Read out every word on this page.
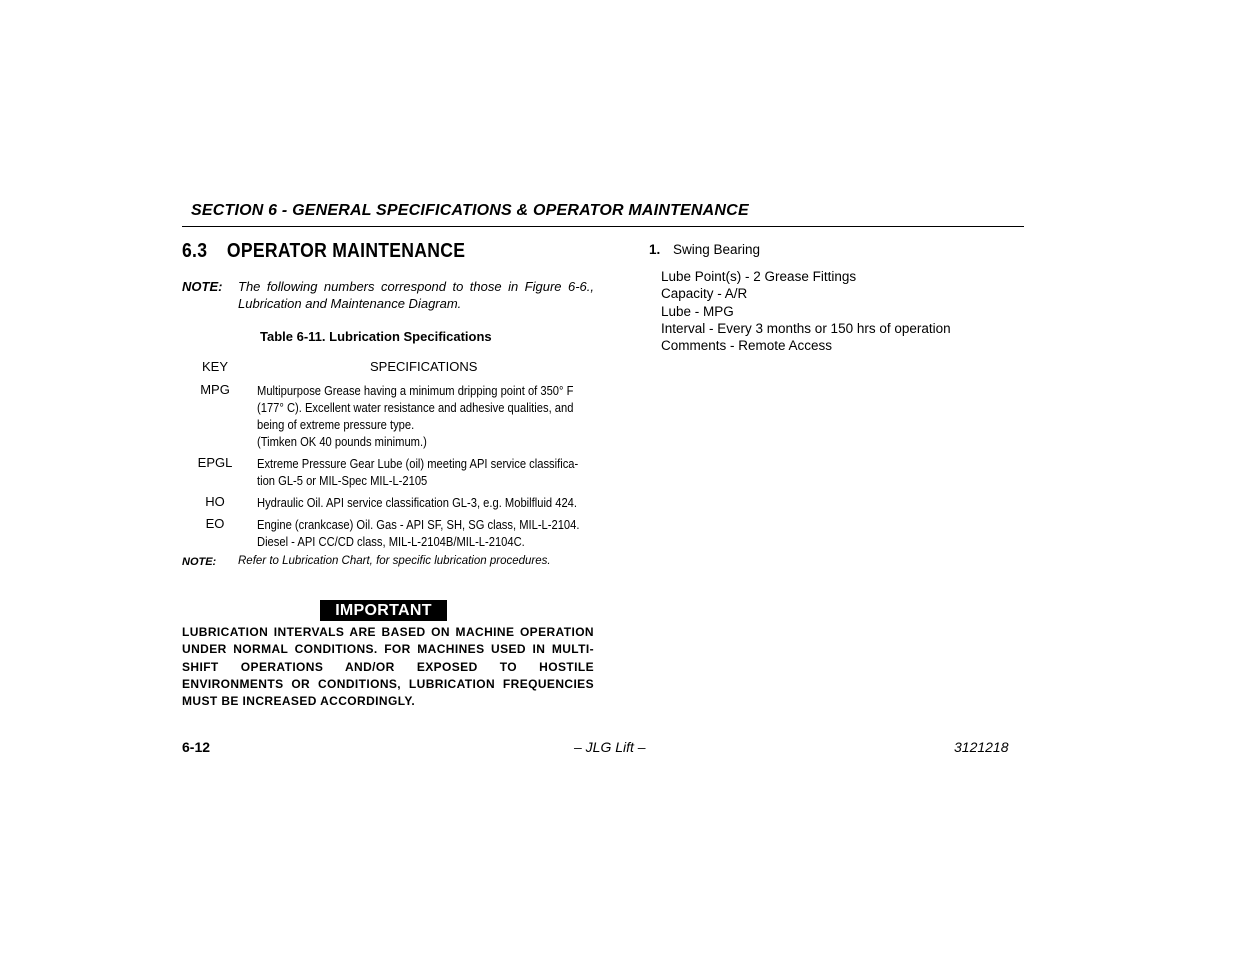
SECTION 6 - GENERAL SPECIFICATIONS & OPERATOR MAINTENANCE
6.3 OPERATOR MAINTENANCE
NOTE: The following numbers correspond to those in Figure 6-6., Lubrication and Maintenance Diagram.
Table 6-11. Lubrication Specifications
KEY	SPECIFICATIONS
MPG	Multipurpose Grease having a minimum dripping point of 350° F
(177° C). Excellent water resistance and adhesive qualities, and
being of extreme pressure type.
(Timken OK 40 pounds minimum.)
EPGL	Extreme Pressure Gear Lube (oil) meeting API service classifica-
tion GL-5 or MIL-Spec MIL-L-2105
HO	Hydraulic Oil. API service classification GL-3, e.g. Mobilfluid 424.
EO	Engine (crankcase) Oil. Gas - API SF, SH, SG class, MIL-L-2104.
Diesel - API CC/CD class, MIL-L-2104B/MIL-L-2104C.
NOTE: Refer to Lubrication Chart, for specific lubrication procedures.
IMPORTANT
LUBRICATION INTERVALS ARE BASED ON MACHINE OPERATION UNDER NORMAL CONDITIONS. FOR MACHINES USED IN MULTI-SHIFT OPERATIONS AND/OR EXPOSED TO HOSTILE ENVIRONMENTS OR CONDITIONS, LUBRICATION FREQUENCIES MUST BE INCREASED ACCORDINGLY.
1. Swing Bearing
Lube Point(s) - 2 Grease Fittings
Capacity - A/R
Lube - MPG
Interval - Every 3 months or 150 hrs of operation
Comments - Remote Access
6-12	– JLG Lift –	3121218
